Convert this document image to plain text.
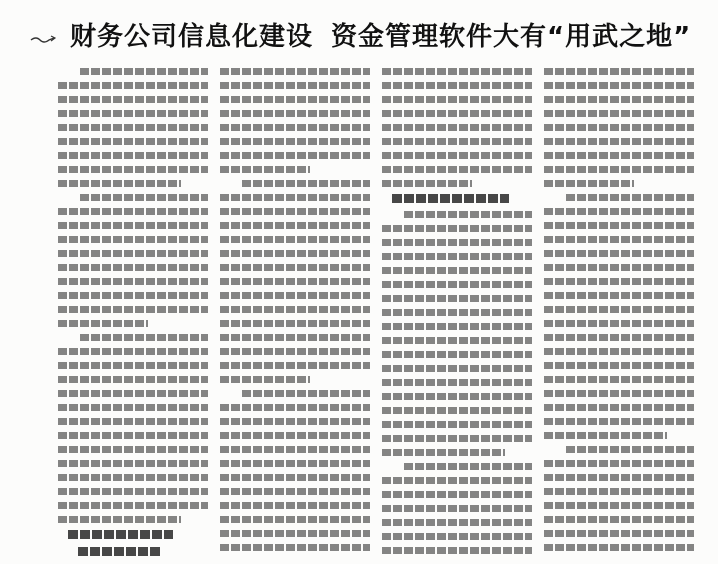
财务公司信息化建设 资金管理软件大有“用武之地”
